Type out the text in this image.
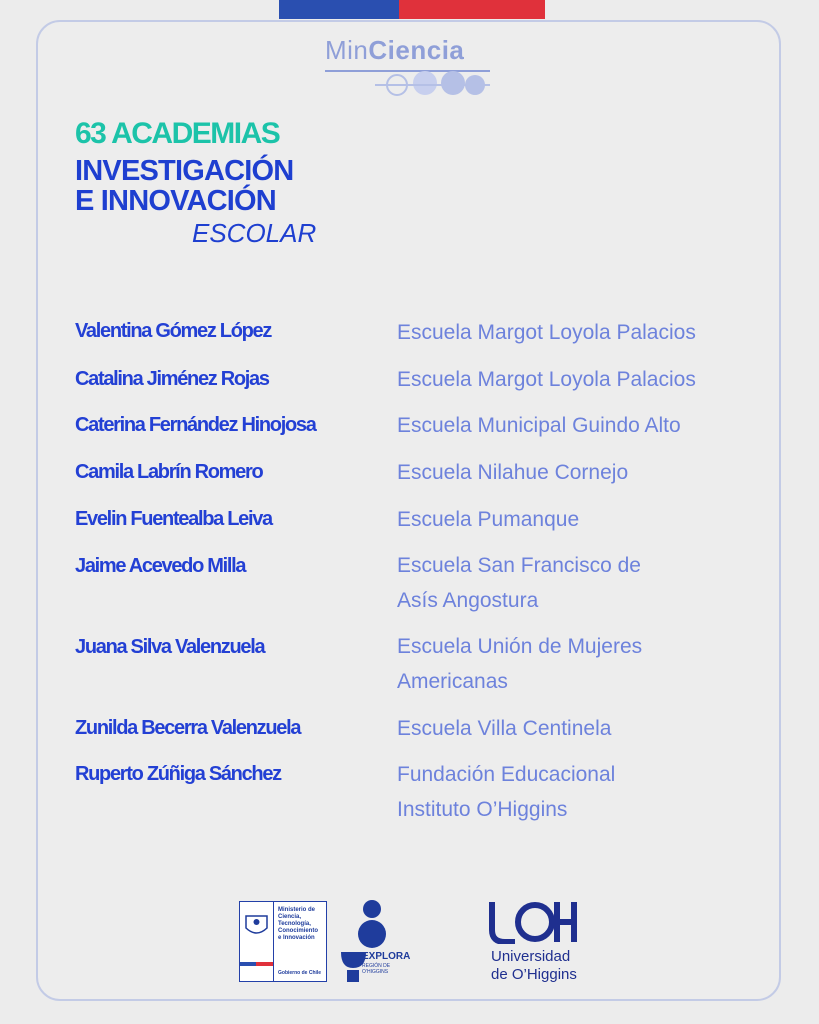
MinCiencia
63 ACADEMIAS
INVESTIGACIÓN
E INNOVACIÓN
ESCOLAR
Valentina Gómez López	Escuela Margot Loyola Palacios
Catalina Jiménez Rojas	Escuela Margot Loyola Palacios
Caterina Fernández Hinojosa	Escuela Municipal Guindo Alto
Camila Labrín Romero	Escuela Nilahue Cornejo
Evelin Fuentealba Leiva	Escuela Pumanque
Jaime Acevedo Milla	Escuela San Francisco de
Asís Angostura
Juana Silva Valenzuela	Escuela Unión de Mujeres
Americanas
Zunilda Becerra Valenzuela	Escuela Villa Centinela
Ruperto Zúñiga Sánchez	Fundación Educacional
Instituto O’Higgins
Ministerio de
Ciencia,
Tecnología,
Conocimiento
e Innovación
Gobierno de Chile
EXPLORA
REGIÓN DE
O’HIGGINS
Universidad
de O’Higgins
